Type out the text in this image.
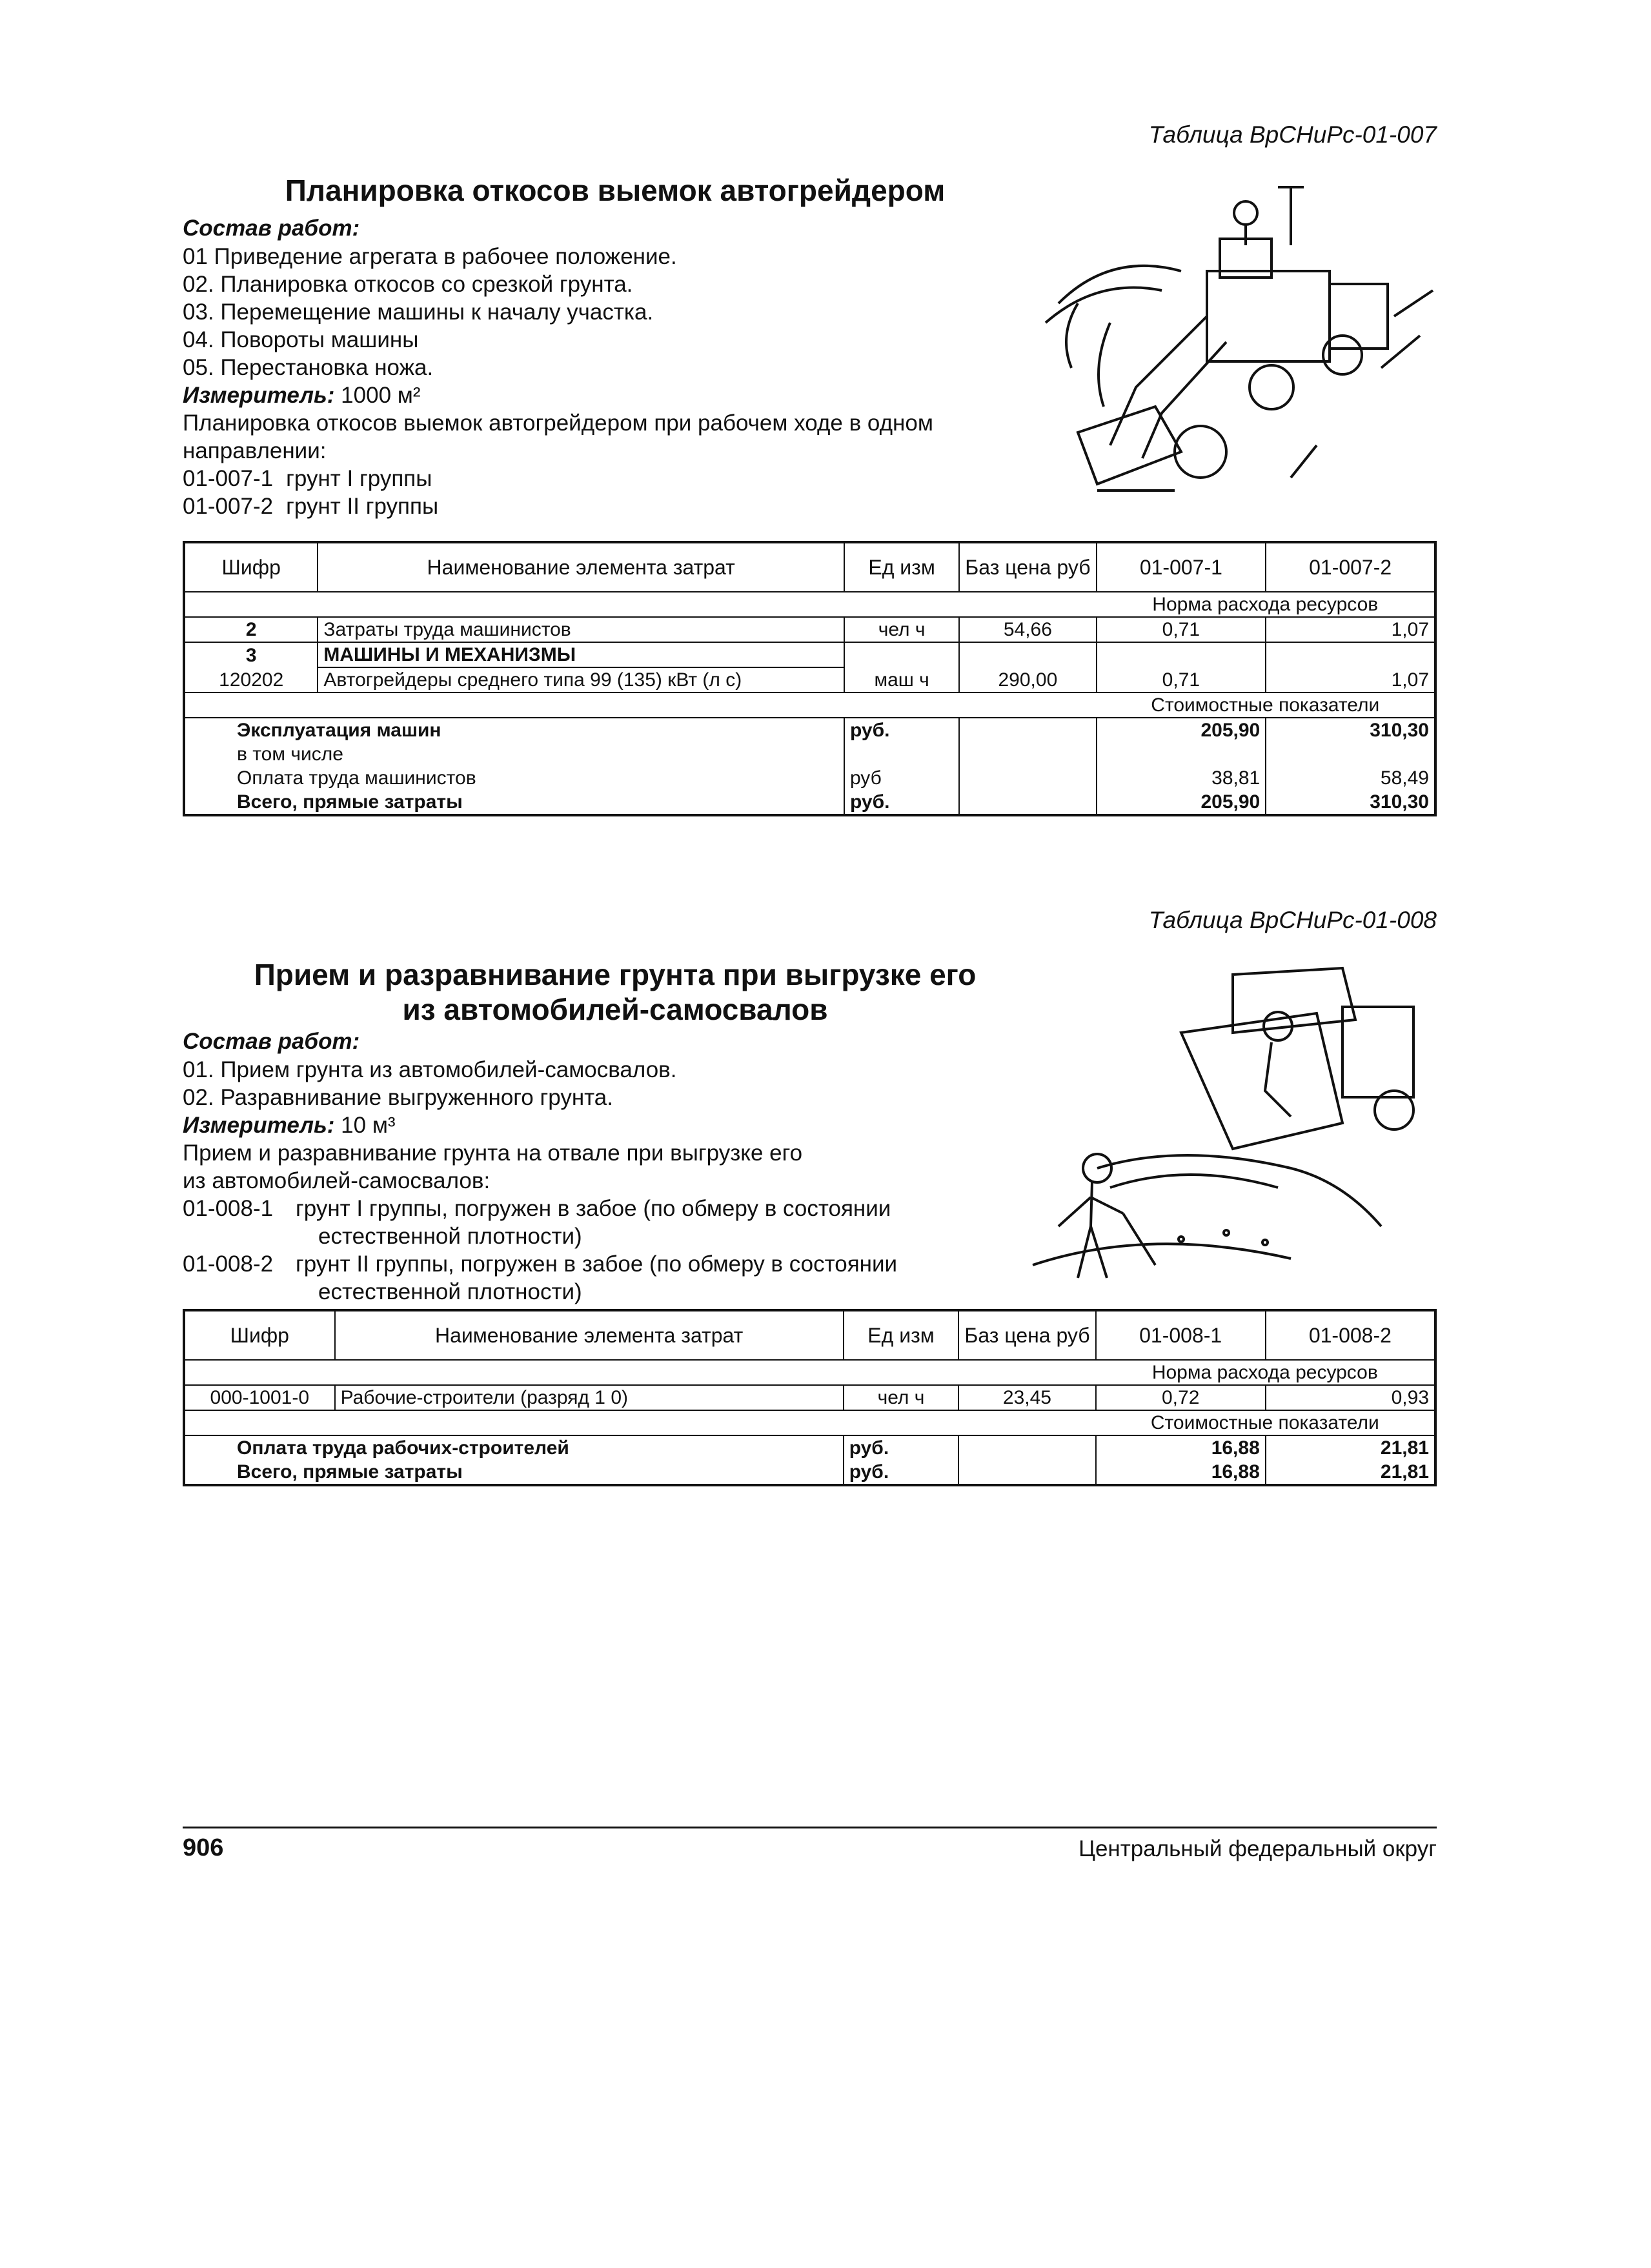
Таблица ВрСНиРс-01-007
Планировка откосов выемок автогрейдером
Состав работ:
01 Приведение агрегата в рабочее положение.
02. Планировка откосов со срезкой грунта.
03. Перемещение машины к началу участка.
04. Повороты машины
05. Перестановка ножа.
Измеритель: 1000 м²
Планировка откосов выемок автогрейдером при рабочем ходе в одном
направлении:
01-007-1 грунт I группы
01-007-2 грунт II группы
Шифр	Наименование элемента затрат	Ед изм	Баз цена руб	01-007-1	01-007-2
				Норма расхода ресурсов	
2	Затраты труда машинистов	чел ч	54,66	0,71	1,07
3	МАШИНЫ И МЕХАНИЗМЫ				
120202	Автогрейдеры среднего типа 99 (135) кВт (л с)	маш ч	290,00	0,71	1,07
				Стоимостные показатели	
Эксплуатация машин		руб.		205,90	310,30
в том числе					
Оплата труда машинистов		руб		38,81	58,49
Всего, прямые затраты		руб.		205,90	310,30
Таблица ВрСНиРс-01-008
Прием и разравнивание грунта при выгрузке его
из автомобилей-самосвалов
Состав работ:
01. Прием грунта из автомобилей-самосвалов.
02. Разравнивание выгруженного грунта.
Измеритель: 10 м³
Прием и разравнивание грунта на отвале при выгрузке его
из автомобилей-самосвалов:
01-008-1 грунт I группы, погружен в забое (по обмеру в состоянии
естественной плотности)
01-008-2 грунт II группы, погружен в забое (по обмеру в состоянии
естественной плотности)
Шифр	Наименование элемента затрат	Ед изм	Баз цена руб	01-008-1	01-008-2
				Норма расхода ресурсов	
000-1001-0	Рабочие-строители (разряд 1 0)	чел ч	23,45	0,72	0,93
				Стоимостные показатели	
Оплата труда рабочих-строителей		руб.		16,88	21,81
Всего, прямые затраты		руб.		16,88	21,81
906	Центральный федеральный округ
